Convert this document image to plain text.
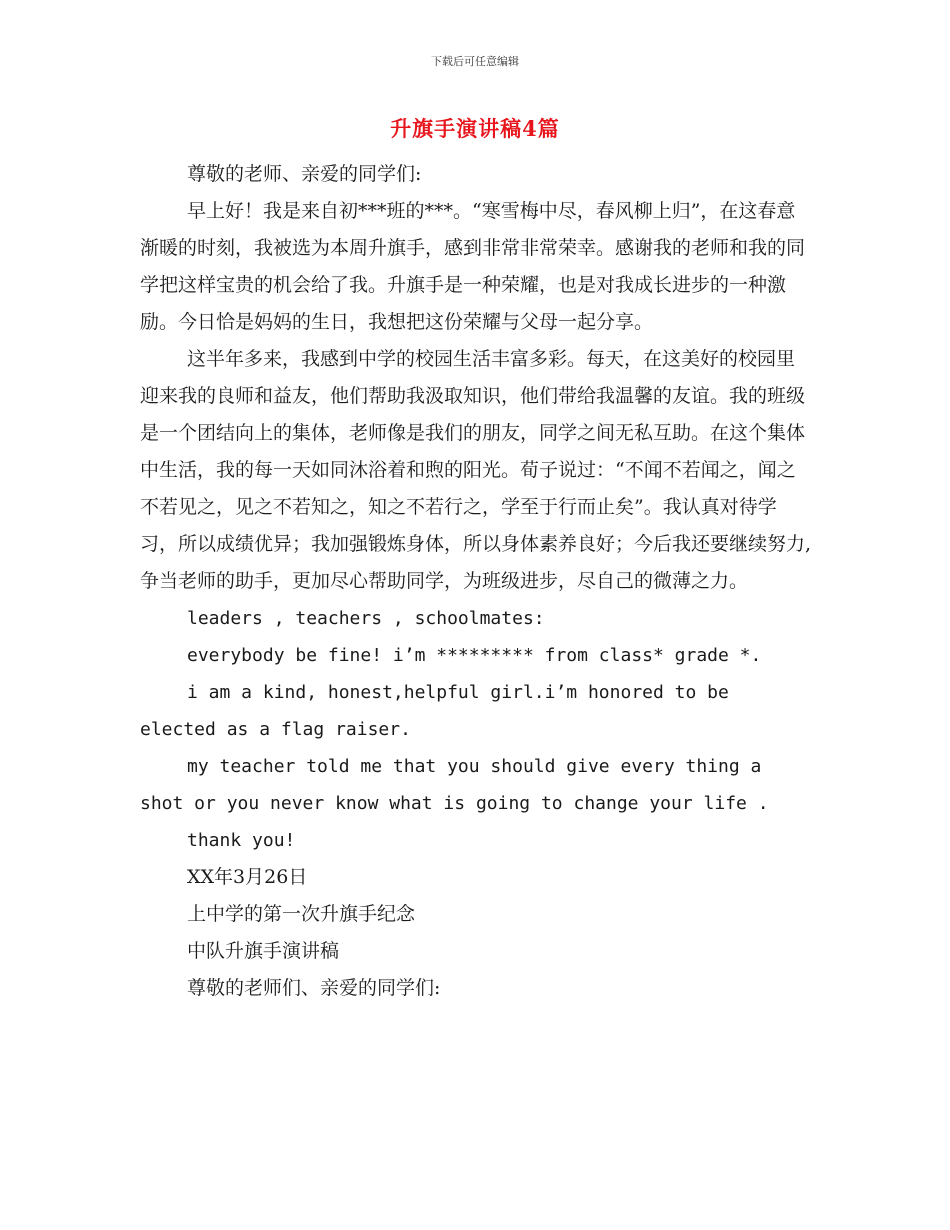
下载后可任意编辑
升旗手演讲稿4篇

尊敬的老师、亲爱的同学们:

早上好！我是来自初***班的***。“寒雪梅中尽，春风柳上归”，在这春意渐暖的时刻，我被选为本周升旗手，感到非常非常荣幸。感谢我的老师和我的同学把这样宝贵的机会给了我。升旗手是一种荣耀，也是对我成长进步的一种激励。今日恰是妈妈的生日，我想把这份荣耀与父母一起分享。

这半年多来，我感到中学的校园生活丰富多彩。每天，在这美好的校园里迎来我的良师和益友，他们帮助我汲取知识，他们带给我温馨的友谊。我的班级是一个团结向上的集体，老师像是我们的朋友，同学之间无私互助。在这个集体中生活，我的每一天如同沐浴着和煦的阳光。荀子说过：“不闻不若闻之，闻之不若见之，见之不若知之，知之不若行之，学至于行而止矣”。我认真对待学习，所以成绩优异；我加强锻炼身体，所以身体素养良好；今后我还要继续努力,争当老师的助手，更加尽心帮助同学，为班级进步，尽自己的微薄之力。

leaders , teachers , schoolmates:

everybody be fine! i’m ********* from class* grade *.

i am a kind, honest,helpful girl.i’m honored to be elected as a flag raiser.

my teacher told me that you should give every thing a shot or you never know what is going to change your life .

thank you!

XX年3月26日

上中学的第一次升旗手纪念

中队升旗手演讲稿

尊敬的老师们、亲爱的同学们:
